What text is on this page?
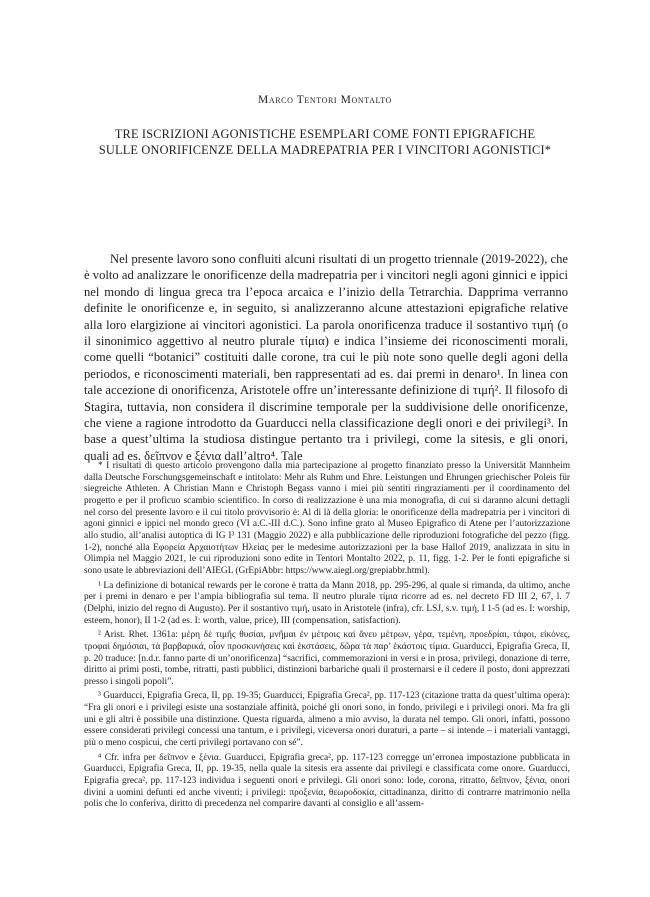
Marco Tentori Montalto
TRE ISCRIZIONI AGONISTICHE ESEMPLARI COME FONTI EPIGRAFICHE
SULLE ONORIFICENZE DELLA MADREPATRIA PER I VINCITORI AGONISTICI*

Nel presente lavoro sono confluiti alcuni risultati di un progetto triennale (2019-2022), che è volto ad analizzare le onorificenze della madrepatria per i vincitori negli agoni ginnici e ippici nel mondo di lingua greca tra l’epoca arcaica e l’inizio della Tetrarchia. Dapprima verranno definite le onorificenze e, in seguito, si analizzeranno alcune attestazioni epigrafiche relative alla loro elargizione ai vincitori agonistici. La parola onorificenza traduce il sostantivo τιμή (o il sinonimico aggettivo al neutro plurale τίμια) e indica l’insieme dei riconoscimenti morali, come quelli “botanici” costituiti dalle corone, tra cui le più note sono quelle degli agoni della periodos, e riconoscimenti materiali, ben rappresentati ad es. dai premi in denaro¹. In linea con tale accezione di onorificenza, Aristotele offre un’interessante definizione di τιμή². Il filosofo di Stagira, tuttavia, non considera il discrimine temporale per la suddivisione delle onorificenze, che viene a ragione introdotto da Guarducci nella classificazione degli onori e dei privilegi³. In base a quest’ultima la studiosa distingue pertanto tra i privilegi, come la sitesis, e gli onori, quali ad es. δεῖπνον e ξένια dall’altro⁴. Tale

* I risultati di questo articolo provengono dalla mia partecipazione al progetto finanziato presso la Universität Mannheim dalla Deutsche Forschungsgemeinschaft e intitolato: Mehr als Ruhm und Ehre. Leistungen und Ehrungen griechischer Poleis für siegreiche Athleten. A Christian Mann e Christoph Begass vanno i miei più sentiti ringraziamenti per il coordinamento del progetto e per il proficuo scambio scientifico. In corso di realizzazione è una mia monografia, di cui si daranno alcuni dettagli nel corso del presente lavoro e il cui titolo provvisorio è: Al di là della gloria: le onorificenze della madrepatria per i vincitori di agoni ginnici e ippici nel mondo greco (VI a.C.-III d.C.). Sono infine grato al Museo Epigrafico di Atene per l’autorizzazione allo studio, all’analisi autoptica di IG I³ 131 (Maggio 2022) e alla pubblicazione delle riproduzioni fotografiche del pezzo (figg. 1-2), nonché alla Εφορεία Αρχαιοτήτων Ηλείας per le medesime autorizzazioni per la base Hallof 2019, analizzata in situ in Olimpia nel Maggio 2021, le cui riproduzioni sono edite in Tentori Montalto 2022, p. 11, figg. 1-2. Per le fonti epigrafiche si sono usate le abbreviazioni dell’AIEGL (GrEpiAbbr: https://www.aiegl.org/grepiabbr.html).

¹ La definizione di botanical rewards per le corone è tratta da Mann 2018, pp. 295-296, al quale si rimanda, da ultimo, anche per i premi in denaro e per l’ampia bibliografia sul tema. Il neutro plurale τίμια ricorre ad es. nel decreto FD III 2, 67, l. 7 (Delphi, inizio del regno di Augusto). Per il sostantivo τιμή, usato in Aristotele (infra), cfr. LSJ, s.v. τιμή, I 1-5 (ad es. I: worship, esteem, honor), II 1-2 (ad es. I: worth, value, price), III (compensation, satisfaction).

² Arist. Rhet. 1361a: μέρη δὲ τιμῆς θυσίαι, μνῆμαι ἐν μέτροις καὶ ἄνευ μέτρων, γέρα, τεμένη, προεδρίαι, τάφοι, εἰκόνες, τροφαὶ δημόσιαι, τὰ βαρβαρικά, οἷον προσκυνήσεις καὶ ἐκστάσεις, δῶρα τὰ παρ’ ἑκάστοις τίμια. Guarducci, Epigrafia Greca, II, p. 20 traduce: [n.d.r. fanno parte di un’onorificenza] “sacrifici, commemorazioni in versi e in prosa, privilegi, donazione di terre, diritto ai primi posti, tombe, ritratti, pasti pubblici, distinzioni barbariche quali il prosternarsi e il cedere il posto, doni apprezzati presso i singoli popoli”.

³ Guarducci, Epigrafia Greca, II, pp. 19-35; Guarducci, Epigrafia Greca², pp. 117-123 (citazione tratta da quest’ultima opera): “Fra gli onori e i privilegi esiste una sostanziale affinità, poiché gli onori sono, in fondo, privilegi e i privilegi onori. Ma fra gli uni e gli altri è possibile una distinzione. Questa riguarda, almeno a mio avviso, la durata nel tempo. Gli onori, infatti, possono essere considerati privilegi concessi una tantum, e i privilegi, viceversa onori duraturi, a parte – si intende – i materiali vantaggi, più o meno cospicui, che certi privilegi portavano con sé”.

⁴ Cfr. infra per δεῖπνον e ξένια. Guarducci, Epigrafia greca², pp. 117-123 corregge un’erronea impostazione pubblicata in Guarducci, Epigrafia Greca, II, pp. 19-35, nella quale la sitesis era assente dai privilegi e classificata come onore. Guarducci, Epigrafia greca², pp. 117-123 individua i seguenti onori e privilegi. Gli onori sono: lode, corona, ritratto, δεῖπνον, ξένια, onori divini a uomini defunti ed anche viventi; i privilegi: προξενία, θεωροδοκία, cittadinanza, diritto di contrarre matrimonio nella polis che lo conferiva, diritto di precedenza nel comparire davanti al consiglio e all’assem-
